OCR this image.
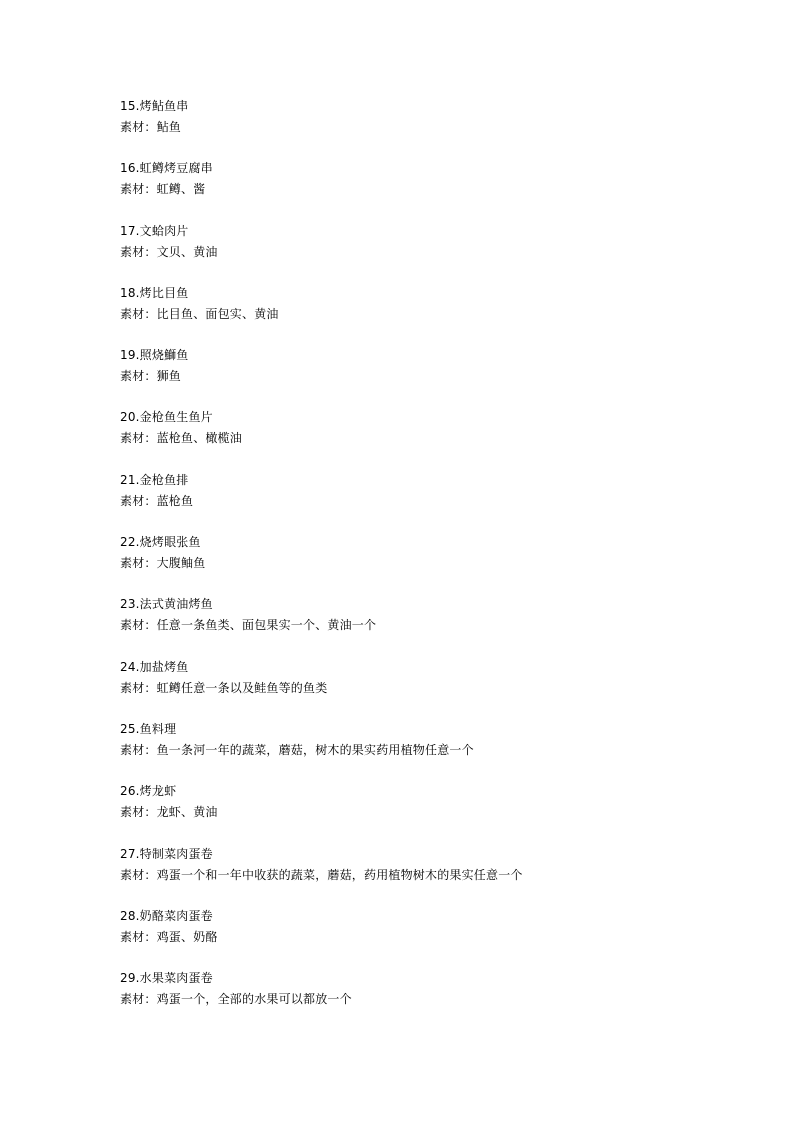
15.烤鲇鱼串
素材：鲇鱼
16.虹鳟烤豆腐串
素材：虹鳟、酱
17.文蛤肉片
素材：文贝、黄油
18.烤比目鱼
素材：比目鱼、面包实、黄油
19.照烧鰤鱼
素材：狮鱼
20.金枪鱼生鱼片
素材：蓝枪鱼、橄榄油
21.金枪鱼排
素材：蓝枪鱼
22.烧烤眼张鱼
素材：大腹鲉鱼
23.法式黄油烤鱼
素材：任意一条鱼类、面包果实一个、黄油一个
24.加盐烤鱼
素材：虹鳟任意一条以及鲑鱼等的鱼类
25.鱼料理
素材：鱼一条河一年的蔬菜，蘑菇，树木的果实药用植物任意一个
26.烤龙虾
素材：龙虾、黄油
27.特制菜肉蛋卷
素材：鸡蛋一个和一年中收获的蔬菜，蘑菇，药用植物树木的果实任意一个
28.奶酪菜肉蛋卷
素材：鸡蛋、奶酪
29.水果菜肉蛋卷
素材：鸡蛋一个，全部的水果可以都放一个
